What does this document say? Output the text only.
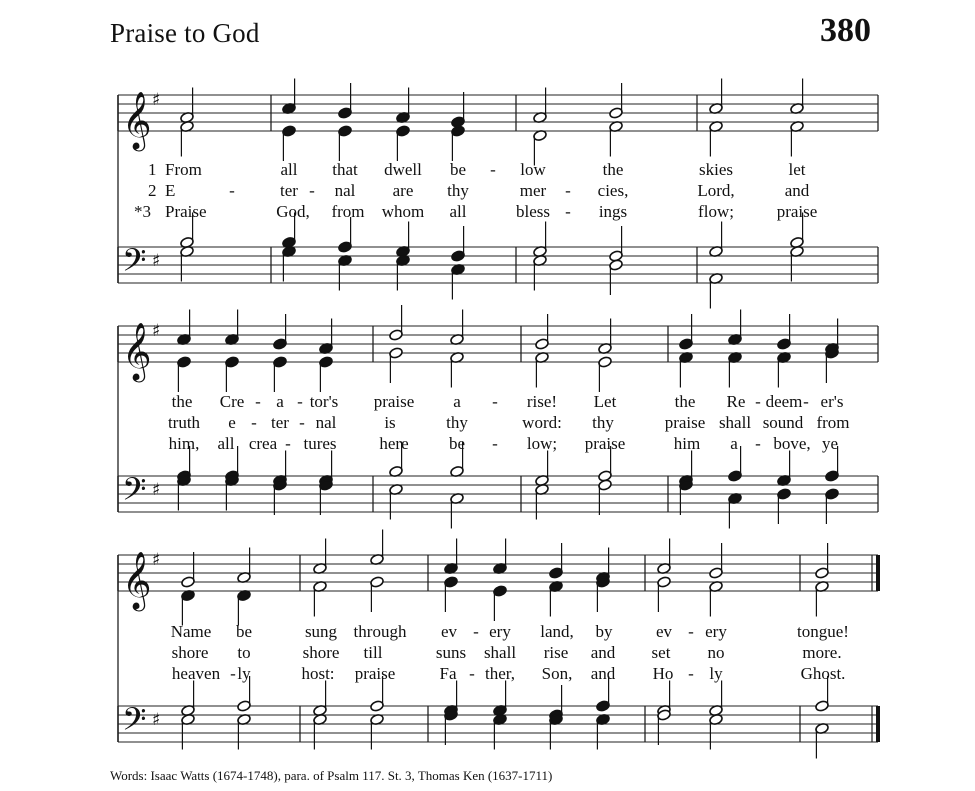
Praise to God	380
𝄞 ♯
𝄢 ♯
𝄞 ♯
𝄢 ♯
𝄞 ♯
𝄢 ♯
1 From	all that dwell be - low	the	skies	let
2 E	-	ter - nal are thy	mer - cies,	Lord,	and
*3 Praise	God, from whom all	bless - ings	flow;	praise
the Cre - a - tor's praise a - rise! Let	the Re - deem - er's
truth e - ter - nal	is	thy	word: thy	praise shall sound from
him, all crea - tures	here be - low; praise	him a - bove, ye
Name be	sung through ev - ery land, by	ev - ery	tongue!
shore to	shore till	suns shall rise and set no	more.
heaven - ly	host: praise	Fa - ther, Son, and Ho - ly	Ghost.
Words: Isaac Watts (1674-1748), para. of Psalm 117. St. 3, Thomas Ken (1637-1711)
